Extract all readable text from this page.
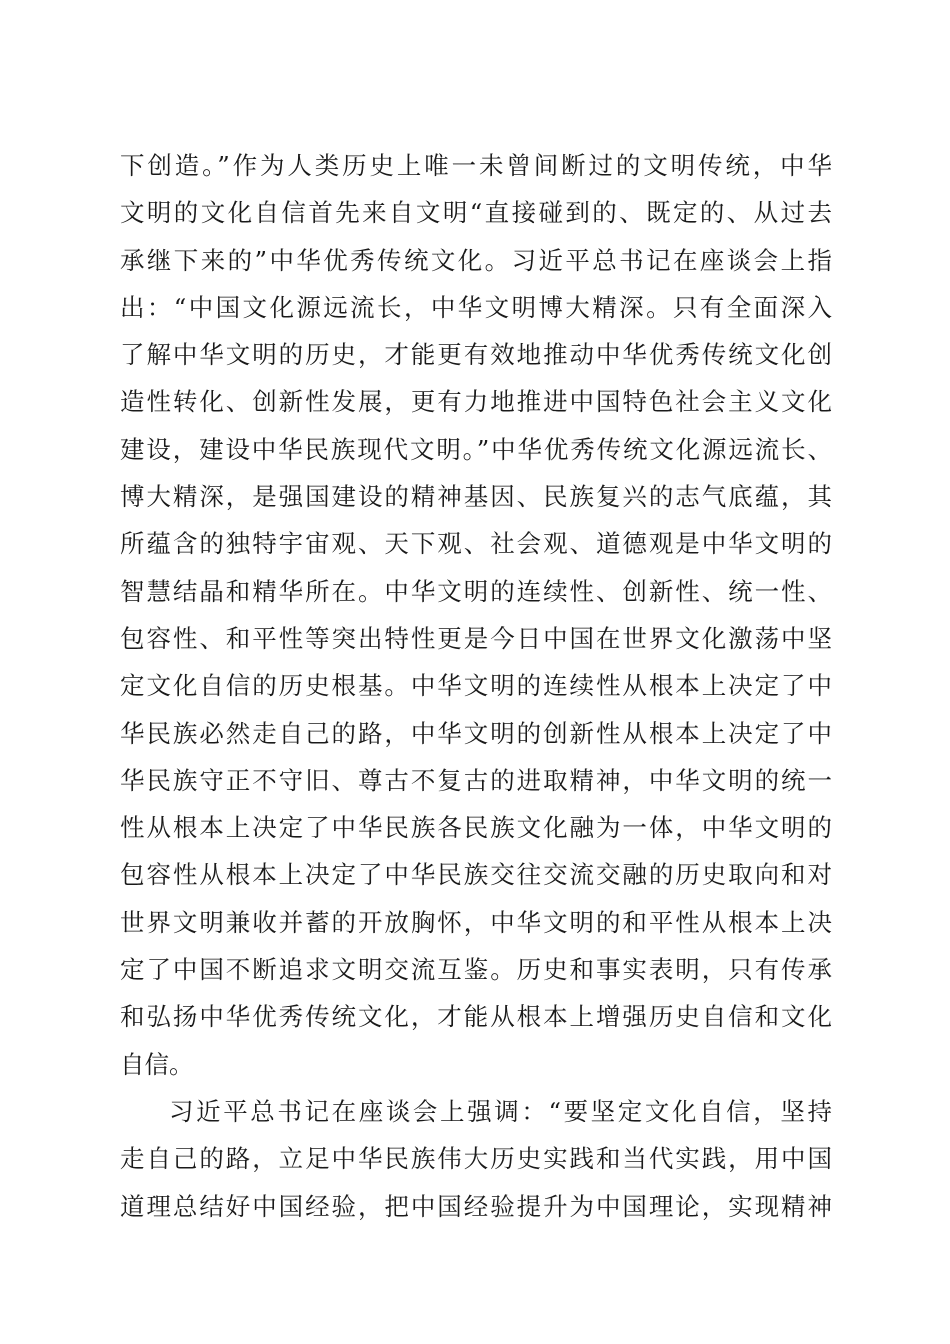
下创造。”作为人类历史上唯一未曾间断过的文明传统，中华
文明的文化自信首先来自文明“直接碰到的、既定的、从过去
承继下来的”中华优秀传统文化。习近平总书记在座谈会上指
出：“中国文化源远流长，中华文明博大精深。只有全面深入
了解中华文明的历史，才能更有效地推动中华优秀传统文化创
造性转化、创新性发展，更有力地推进中国特色社会主义文化
建设，建设中华民族现代文明。”中华优秀传统文化源远流长、
博大精深，是强国建设的精神基因、民族复兴的志气底蕴，其
所蕴含的独特宇宙观、天下观、社会观、道德观是中华文明的
智慧结晶和精华所在。中华文明的连续性、创新性、统一性、
包容性、和平性等突出特性更是今日中国在世界文化激荡中坚
定文化自信的历史根基。中华文明的连续性从根本上决定了中
华民族必然走自己的路，中华文明的创新性从根本上决定了中
华民族守正不守旧、尊古不复古的进取精神，中华文明的统一
性从根本上决定了中华民族各民族文化融为一体，中华文明的
包容性从根本上决定了中华民族交往交流交融的历史取向和对
世界文明兼收并蓄的开放胸怀，中华文明的和平性从根本上决
定了中国不断追求文明交流互鉴。历史和事实表明，只有传承
和弘扬中华优秀传统文化，才能从根本上增强历史自信和文化
自信。
习近平总书记在座谈会上强调：“要坚定文化自信，坚持
走自己的路，立足中华民族伟大历史实践和当代实践，用中国
道理总结好中国经验，把中国经验提升为中国理论，实现精神
